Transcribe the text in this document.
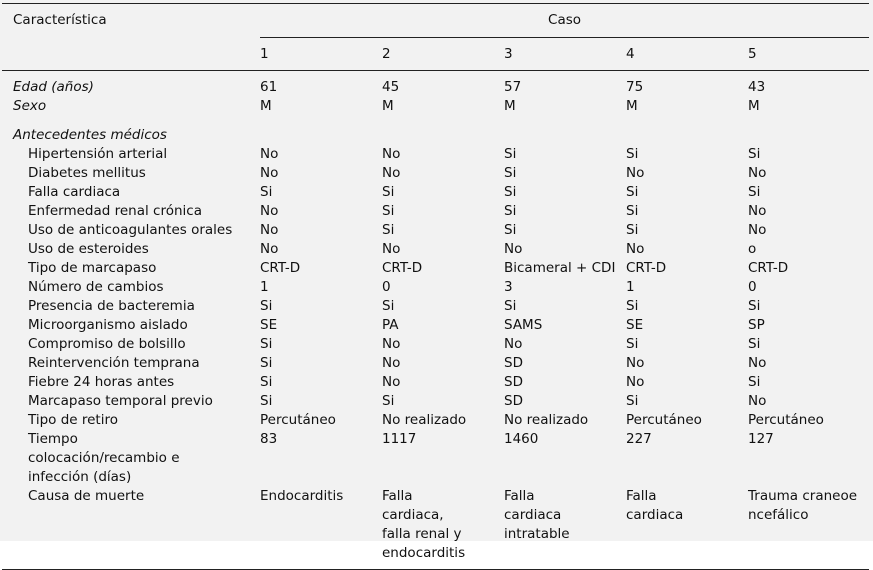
Característica	Caso				
	1	2	3	4	5
Edad (años)	61	45	57	75	43
Sexo	M	M	M	M	M
Antecedentes médicos					
Hipertensión arterial	No	No	Si	Si	Si
Diabetes mellitus	No	No	Si	No	No
Falla cardiaca	Si	Si	Si	Si	Si
Enfermedad renal crónica	No	Si	Si	Si	No
Uso de anticoagulantes orales	No	Si	Si	Si	No
Uso de esteroides	No	No	No	No	o
Tipo de marcapaso	CRT-D	CRT-D	Bicameral + CDI	CRT-D	CRT-D
Número de cambios	1	0	3	1	0
Presencia de bacteremia	Si	Si	Si	Si	Si
Microorganismo aislado	SE	PA	SAMS	SE	SP
Compromiso de bolsillo	Si	No	No	Si	Si
Reintervención temprana	Si	No	SD	No	No
Fiebre 24 horas antes	Si	No	SD	No	Si
Marcapaso temporal previo	Si	Si	SD	Si	No
Tipo de retiro	Percutáneo	No realizado	No realizado	Percutáneo	Percutáneo
Tiempo colocación/recambio e infección (días)	83	1117	1460	227	127
Causa de muerte	Endocarditis	Falla cardiaca, falla renal y endocarditis	Falla cardiaca intratable	Falla cardiaca	Trauma craneoencefálico
